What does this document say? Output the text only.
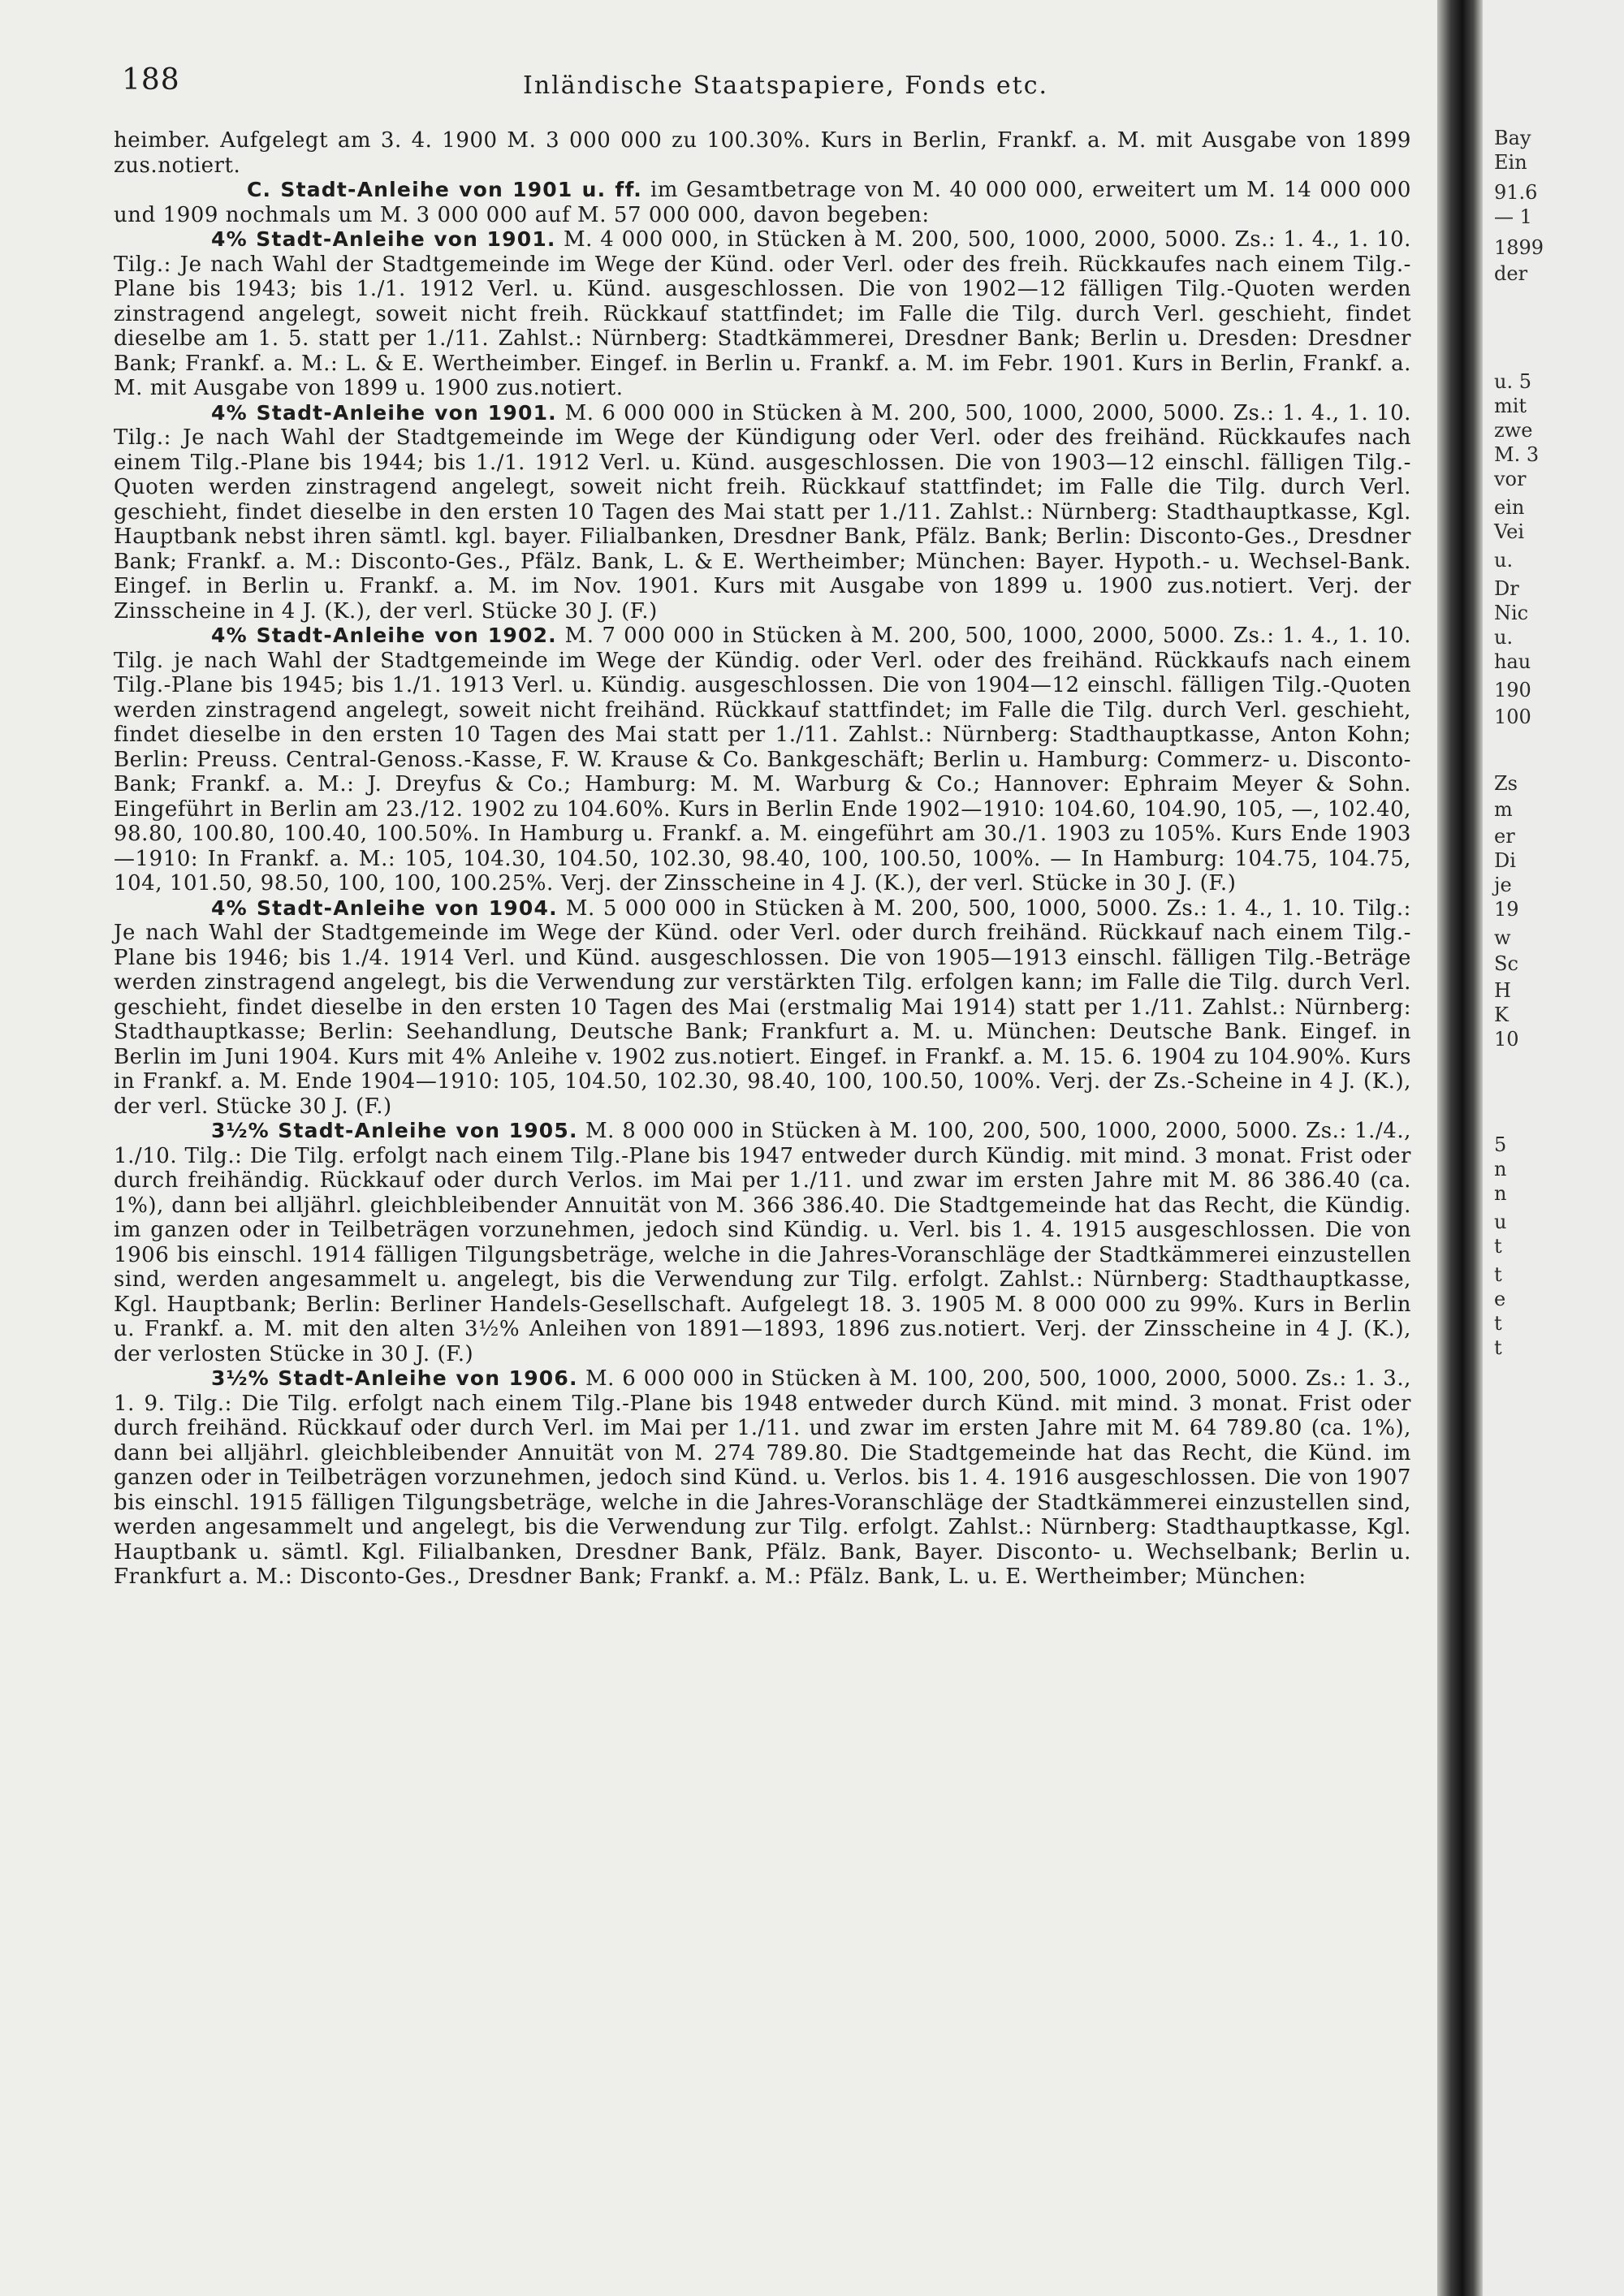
188	Inländische Staatspapiere, Fonds etc.

heimber. Aufgelegt am 3. 4. 1900 M. 3 000 000 zu 100.30%. Kurs in Berlin, Frankf. a. M. mit Ausgabe von 1899 zus.notiert.

C. Stadt-Anleihe von 1901 u. ff. im Gesamtbetrage von M. 40 000 000, erweitert um M. 14 000 000 und 1909 nochmals um M. 3 000 000 auf M. 57 000 000, davon begeben:

4% Stadt-Anleihe von 1901. M. 4 000 000, in Stücken à M. 200, 500, 1000, 2000, 5000. Zs.: 1. 4., 1. 10. Tilg.: Je nach Wahl der Stadtgemeinde im Wege der Künd. oder Verl. oder des freih. Rückkaufes nach einem Tilg.-Plane bis 1943; bis 1./1. 1912 Verl. u. Künd. ausgeschlossen. Die von 1902—12 fälligen Tilg.-Quoten werden zinstragend angelegt, soweit nicht freih. Rückkauf stattfindet; im Falle die Tilg. durch Verl. geschieht, findet dieselbe am 1. 5. statt per 1./11. Zahlst.: Nürnberg: Stadtkämmerei, Dresdner Bank; Berlin u. Dresden: Dresdner Bank; Frankf. a. M.: L. & E. Wertheimber. Eingef. in Berlin u. Frankf. a. M. im Febr. 1901. Kurs in Berlin, Frankf. a. M. mit Ausgabe von 1899 u. 1900 zus.notiert.

4% Stadt-Anleihe von 1901. M. 6 000 000 in Stücken à M. 200, 500, 1000, 2000, 5000. Zs.: 1. 4., 1. 10. Tilg.: Je nach Wahl der Stadtgemeinde im Wege der Kündigung oder Verl. oder des freihänd. Rückkaufes nach einem Tilg.-Plane bis 1944; bis 1./1. 1912 Verl. u. Künd. ausgeschlossen. Die von 1903—12 einschl. fälligen Tilg.-Quoten werden zinstragend angelegt, soweit nicht freih. Rückkauf stattfindet; im Falle die Tilg. durch Verl. geschieht, findet dieselbe in den ersten 10 Tagen des Mai statt per 1./11. Zahlst.: Nürnberg: Stadthauptkasse, Kgl. Hauptbank nebst ihren sämtl. kgl. bayer. Filialbanken, Dresdner Bank, Pfälz. Bank; Berlin: Disconto-Ges., Dresdner Bank; Frankf. a. M.: Disconto-Ges., Pfälz. Bank, L. & E. Wertheimber; München: Bayer. Hypoth.- u. Wechsel-Bank. Eingef. in Berlin u. Frankf. a. M. im Nov. 1901. Kurs mit Ausgabe von 1899 u. 1900 zus.notiert. Verj. der Zinsscheine in 4 J. (K.), der verl. Stücke 30 J. (F.)

4% Stadt-Anleihe von 1902. M. 7 000 000 in Stücken à M. 200, 500, 1000, 2000, 5000. Zs.: 1. 4., 1. 10. Tilg. je nach Wahl der Stadtgemeinde im Wege der Kündig. oder Verl. oder des freihänd. Rückkaufs nach einem Tilg.-Plane bis 1945; bis 1./1. 1913 Verl. u. Kündig. ausgeschlossen. Die von 1904—12 einschl. fälligen Tilg.-Quoten werden zinstragend angelegt, soweit nicht freihänd. Rückkauf stattfindet; im Falle die Tilg. durch Verl. geschieht, findet dieselbe in den ersten 10 Tagen des Mai statt per 1./11. Zahlst.: Nürnberg: Stadthauptkasse, Anton Kohn; Berlin: Preuss. Central-Genoss.-Kasse, F. W. Krause & Co. Bankgeschäft; Berlin u. Hamburg: Commerz- u. Disconto-Bank; Frankf. a. M.: J. Dreyfus & Co.; Hamburg: M. M. Warburg & Co.; Hannover: Ephraim Meyer & Sohn. Eingeführt in Berlin am 23./12. 1902 zu 104.60%. Kurs in Berlin Ende 1902—1910: 104.60, 104.90, 105, —, 102.40, 98.80, 100.80, 100.40, 100.50%. In Hamburg u. Frankf. a. M. eingeführt am 30./1. 1903 zu 105%. Kurs Ende 1903—1910: In Frankf. a. M.: 105, 104.30, 104.50, 102.30, 98.40, 100, 100.50, 100%. — In Hamburg: 104.75, 104.75, 104, 101.50, 98.50, 100, 100, 100.25%. Verj. der Zinsscheine in 4 J. (K.), der verl. Stücke in 30 J. (F.)

4% Stadt-Anleihe von 1904. M. 5 000 000 in Stücken à M. 200, 500, 1000, 5000. Zs.: 1. 4., 1. 10. Tilg.: Je nach Wahl der Stadtgemeinde im Wege der Künd. oder Verl. oder durch freihänd. Rückkauf nach einem Tilg.-Plane bis 1946; bis 1./4. 1914 Verl. und Künd. ausgeschlossen. Die von 1905—1913 einschl. fälligen Tilg.-Beträge werden zinstragend angelegt, bis die Verwendung zur verstärkten Tilg. erfolgen kann; im Falle die Tilg. durch Verl. geschieht, findet dieselbe in den ersten 10 Tagen des Mai (erstmalig Mai 1914) statt per 1./11. Zahlst.: Nürnberg: Stadthauptkasse; Berlin: Seehandlung, Deutsche Bank; Frankfurt a. M. u. München: Deutsche Bank. Eingef. in Berlin im Juni 1904. Kurs mit 4% Anleihe v. 1902 zus.notiert. Eingef. in Frankf. a. M. 15. 6. 1904 zu 104.90%. Kurs in Frankf. a. M. Ende 1904—1910: 105, 104.50, 102.30, 98.40, 100, 100.50, 100%. Verj. der Zs.-Scheine in 4 J. (K.), der verl. Stücke 30 J. (F.)

3½% Stadt-Anleihe von 1905. M. 8 000 000 in Stücken à M. 100, 200, 500, 1000, 2000, 5000. Zs.: 1./4., 1./10. Tilg.: Die Tilg. erfolgt nach einem Tilg.-Plane bis 1947 entweder durch Kündig. mit mind. 3 monat. Frist oder durch freihändig. Rückkauf oder durch Verlos. im Mai per 1./11. und zwar im ersten Jahre mit M. 86 386.40 (ca. 1%), dann bei alljährl. gleichbleibender Annuität von M. 366 386.40. Die Stadtgemeinde hat das Recht, die Kündig. im ganzen oder in Teilbeträgen vorzunehmen, jedoch sind Kündig. u. Verl. bis 1. 4. 1915 ausgeschlossen. Die von 1906 bis einschl. 1914 fälligen Tilgungsbeträge, welche in die Jahres-Voranschläge der Stadtkämmerei einzustellen sind, werden angesammelt u. angelegt, bis die Verwendung zur Tilg. erfolgt. Zahlst.: Nürnberg: Stadthauptkasse, Kgl. Hauptbank; Berlin: Berliner Handels-Gesellschaft. Aufgelegt 18. 3. 1905 M. 8 000 000 zu 99%. Kurs in Berlin u. Frankf. a. M. mit den alten 3½% Anleihen von 1891—1893, 1896 zus.notiert. Verj. der Zinsscheine in 4 J. (K.), der verlosten Stücke in 30 J. (F.)

3½% Stadt-Anleihe von 1906. M. 6 000 000 in Stücken à M. 100, 200, 500, 1000, 2000, 5000. Zs.: 1. 3., 1. 9. Tilg.: Die Tilg. erfolgt nach einem Tilg.-Plane bis 1948 entweder durch Künd. mit mind. 3 monat. Frist oder durch freihänd. Rückkauf oder durch Verl. im Mai per 1./11. und zwar im ersten Jahre mit M. 64 789.80 (ca. 1%), dann bei alljährl. gleichbleibender Annuität von M. 274 789.80. Die Stadtgemeinde hat das Recht, die Künd. im ganzen oder in Teilbeträgen vorzunehmen, jedoch sind Künd. u. Verlos. bis 1. 4. 1916 ausgeschlossen. Die von 1907 bis einschl. 1915 fälligen Tilgungsbeträge, welche in die Jahres-Voranschläge der Stadtkämmerei einzustellen sind, werden angesammelt und angelegt, bis die Verwendung zur Tilg. erfolgt. Zahlst.: Nürnberg: Stadthauptkasse, Kgl. Hauptbank u. sämtl. Kgl. Filialbanken, Dresdner Bank, Pfälz. Bank, Bayer. Disconto- u. Wechselbank; Berlin u. Frankfurt a. M.: Disconto-Ges., Dresdner Bank; Frankf. a. M.: Pfälz. Bank, L. u. E. Wertheimber; München:

Bay
Ein
91.6
— 1
1899
der
u. 5
mit
zwe
M. 3
vor
ein
Vei
u.
Dr
Nic
u.
hau
190
100
Zs
m
er
Di
je
19
w
Sc
H
K
10
5
n
n
u
t
t
e
t
t
